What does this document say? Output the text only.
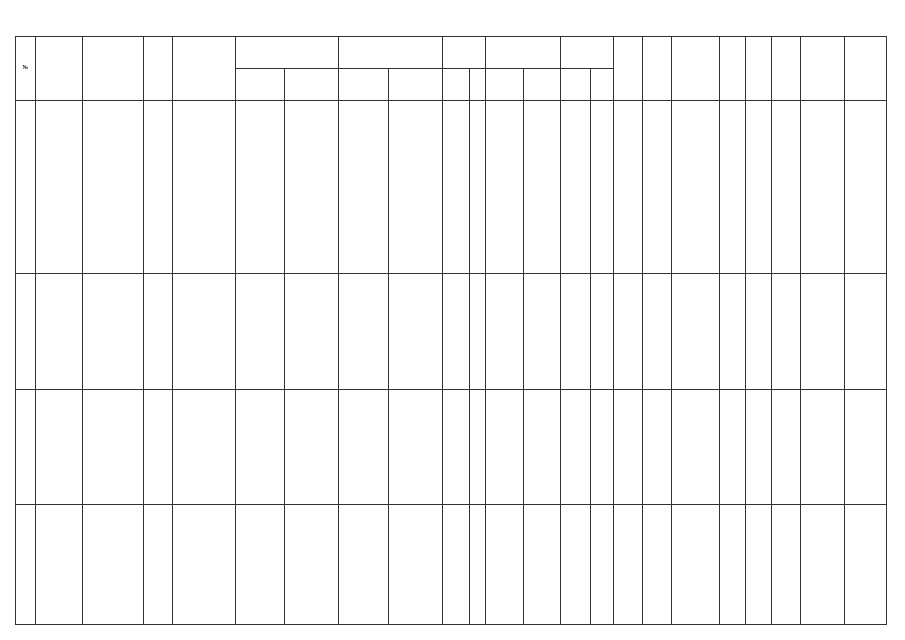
№																						
